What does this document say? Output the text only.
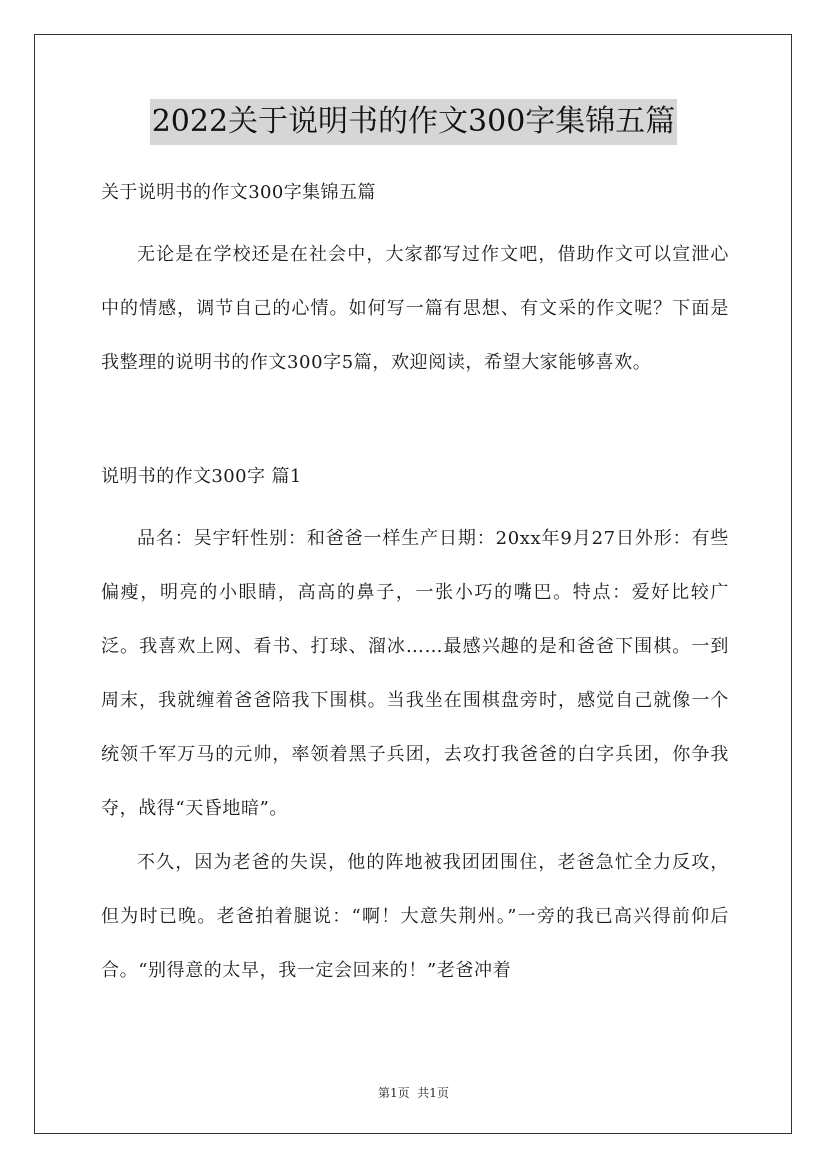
2022关于说明书的作文300字集锦五篇

关于说明书的作文300字集锦五篇

无论是在学校还是在社会中，大家都写过作文吧，借助作文可以宣泄心中的情感，调节自己的心情。如何写一篇有思想、有文采的作文呢？下面是我整理的说明书的作文300字5篇，欢迎阅读，希望大家能够喜欢。

说明书的作文300字 篇1

品名：吴宇轩性别：和爸爸一样生产日期：20xx年9月27日外形：有些偏瘦，明亮的小眼睛，高高的鼻子，一张小巧的嘴巴。特点：爱好比较广泛。我喜欢上网、看书、打球、溜冰……最感兴趣的是和爸爸下围棋。一到周末，我就缠着爸爸陪我下围棋。当我坐在围棋盘旁时，感觉自己就像一个统领千军万马的元帅，率领着黑子兵团，去攻打我爸爸的白字兵团，你争我夺，战得“天昏地暗”。

不久，因为老爸的失误，他的阵地被我团团围住，老爸急忙全力反攻，但为时已晚。老爸拍着腿说：“啊！大意失荆州。”一旁的我已高兴得前仰后合。“别得意的太早，我一定会回来的！”老爸冲着

第1页  共1页
